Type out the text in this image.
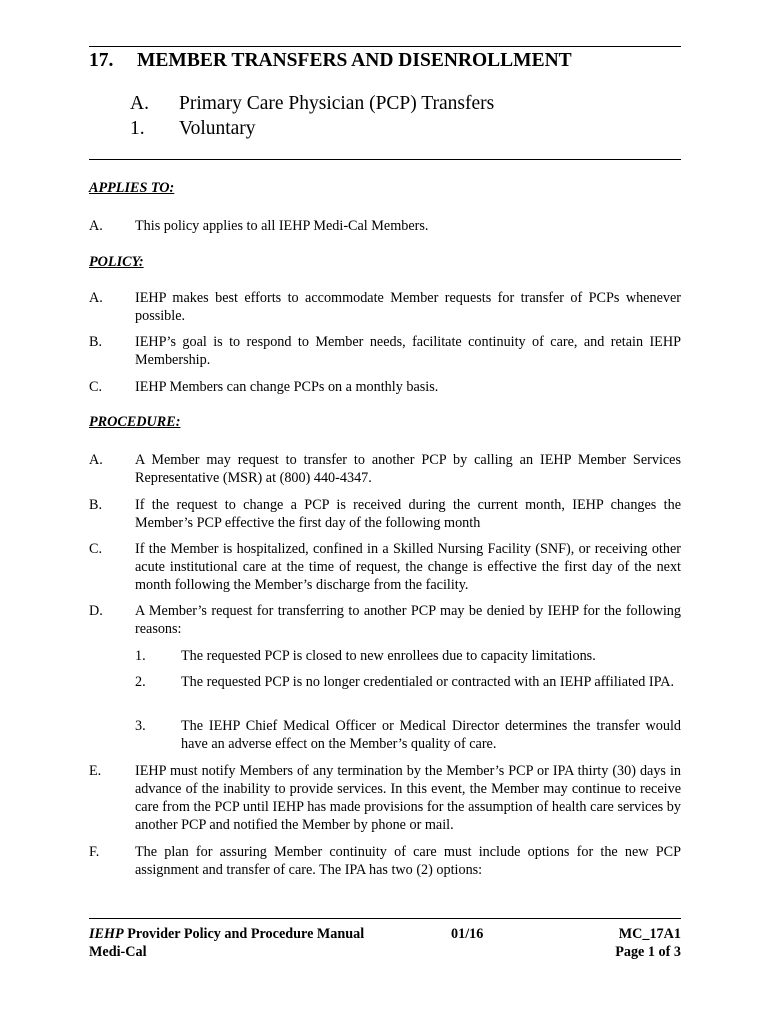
17. MEMBER TRANSFERS AND DISENROLLMENT
A. Primary Care Physician (PCP) Transfers
1. Voluntary
APPLIES TO:
A. This policy applies to all IEHP Medi-Cal Members.
POLICY:
A. IEHP makes best efforts to accommodate Member requests for transfer of PCPs whenever possible.
B. IEHP’s goal is to respond to Member needs, facilitate continuity of care, and retain IEHP Membership.
C. IEHP Members can change PCPs on a monthly basis.
PROCEDURE:
A. A Member may request to transfer to another PCP by calling an IEHP Member Services Representative (MSR) at (800) 440-4347.
B. If the request to change a PCP is received during the current month, IEHP changes the Member’s PCP effective the first day of the following month
C. If the Member is hospitalized, confined in a Skilled Nursing Facility (SNF), or receiving other acute institutional care at the time of request, the change is effective the first day of the next month following the Member’s discharge from the facility.
D. A Member’s request for transferring to another PCP may be denied by IEHP for the following reasons:
1. The requested PCP is closed to new enrollees due to capacity limitations.
2. The requested PCP is no longer credentialed or contracted with an IEHP affiliated IPA.
3. The IEHP Chief Medical Officer or Medical Director determines the transfer would have an adverse effect on the Member’s quality of care.
E. IEHP must notify Members of any termination by the Member’s PCP or IPA thirty (30) days in advance of the inability to provide services. In this event, the Member may continue to receive care from the PCP until IEHP has made provisions for the assumption of health care services by another PCP and notified the Member by phone or mail.
F.	The plan for assuring Member continuity of care must include options for the new PCP assignment and transfer of care. The IPA has two (2) options:
IEHP Provider Policy and Procedure Manual
Medi-Cal
01/16	MC_17A1
Page 1 of 3
